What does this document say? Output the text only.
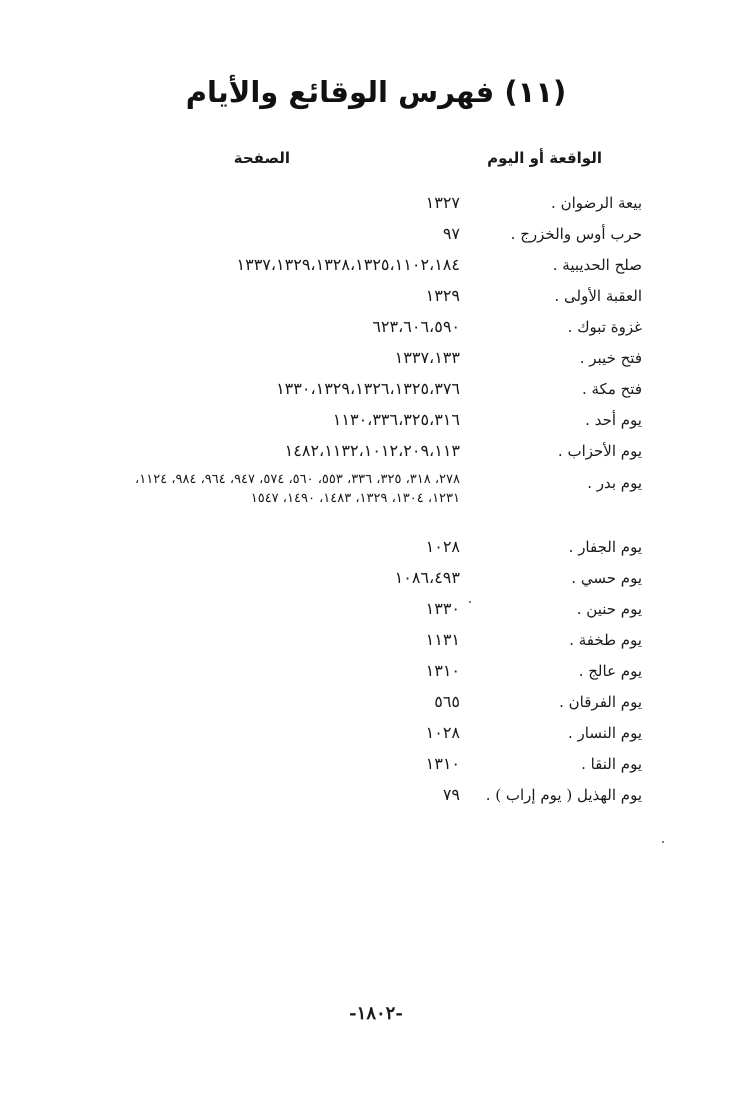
(١١) فهرس الوقائع والأيام
الواقعة أو اليوم
الصفحة
بيعة الرضوان .
١٣٢٧
حرب أوس والخزرج .
٩٧
صلح الحديبية .
١٣٣٧،١٣٢٩،١٣٢٨،١٣٢٥،١١٠٢،١٨٤
العقبة الأولى .
١٣٢٩
غزوة تبوك .
٦٢٣،٦٠٦،٥٩٠
فتح خيبر .
١٣٣٧،١٣٣
فتح مكة .
١٣٣٠،١٣٢٩،١٣٢٦،١٣٢٥،٣٧٦
يوم أحد .
١١٣٠،٣٣٦،٣٢٥،٣١٦
يوم الأحزاب .
١٤٨٢،١١٣٢،١٠١٢،٢٠٩،١١٣
يوم بدر .
٢٧٨، ٣١٨، ٣٢٥، ٣٣٦، ٥٥٣، ٥٦٠، ٥٧٤، ٩٤٧، ٩٦٤، ٩٨٤، ١١٢٤،
١٢٣١، ١٣٠٤، ١٣٢٩، ١٤٨٣، ١٤٩٠، ١٥٤٧
يوم الجفار .
١٠٢٨
يوم حسي .
١٠٨٦،٤٩٣
يوم حنين .
١٣٣٠
يوم طخفة .
١١٣١
يوم عالج .
١٣١٠
يوم الفرقان .
٥٦٥
يوم النسار .
١٠٢٨
يوم النقا .
١٣١٠
يوم الهذيل ( يوم إراب ) .
٧٩
-١٨٠٢-
